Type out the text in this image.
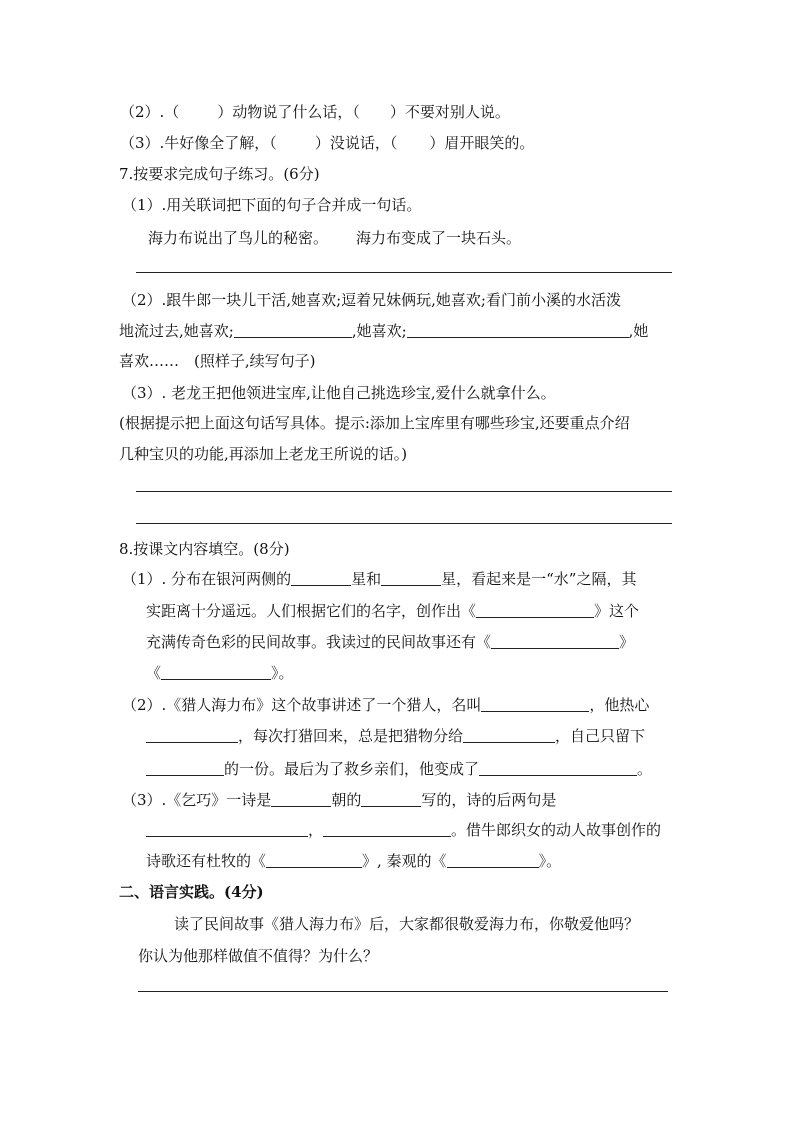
（2）.（	）动物说了什么话，（ ）不要对别人说。
（3）.牛好像全了解，（	）没说话，（ ）眉开眼笑的。
7.按要求完成句子练习。(6分)
（1）.用关联词把下面的句子合并成一句话。
海力布说出了鸟儿的秘密。 海力布变成了一块石头。
（2）.跟牛郎一块儿干活,她喜欢;逗着兄妹俩玩,她喜欢;看门前小溪的水活泼
地流过去,她喜欢;	,她喜欢;	,她
喜欢……　(照样子,续写句子)
（3）. 老龙王把他领进宝库,让他自己挑选珍宝,爱什么就拿什么。
(根据提示把上面这句话写具体。提示:添加上宝库里有哪些珍宝,还要重点介绍
几种宝贝的功能,再添加上老龙王所说的话。)
8.按课文内容填空。(8分)
（1）. 分布在银河两侧的	星和	星，看起来是一“水”之隔，其
实距离十分遥远。人们根据它们的名字，创作出《	》这个
充满传奇色彩的民间故事。我读过的民间故事还有《	》
《	》。
（2）.《猎人海力布》这个故事讲述了一个猎人，名叫	，他热心
，每次打猎回来，总是把猎物分给	，自己只留下
的一份。最后为了救乡亲们，他变成了	。
（3）.《乞巧》一诗是	朝的	写的，诗的后两句是
，	。借牛郎织女的动人故事创作的
诗歌还有杜牧的《	》, 秦观的《	》。
二、语言实践。(4分)
读了民间故事《猎人海力布》后，大家都很敬爱海力布，你敬爱他吗？
你认为他那样做值不值得？为什么？
